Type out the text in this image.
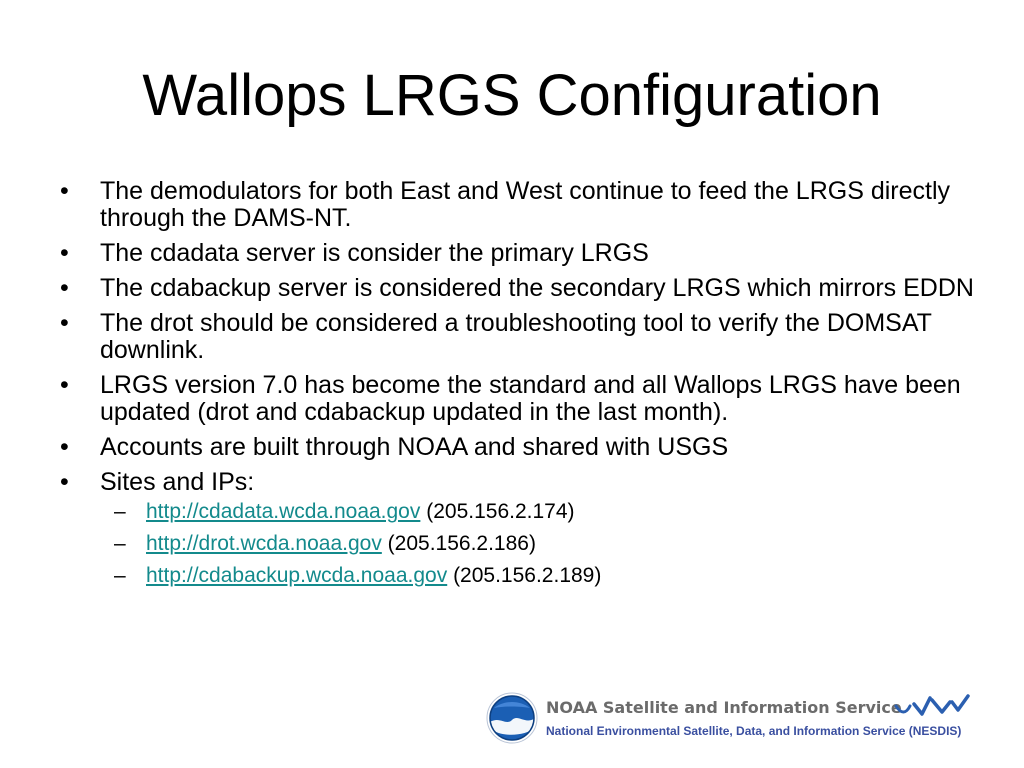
Wallops LRGS Configuration
• The demodulators for both East and West continue to feed the LRGS directly through the DAMS-NT.
• The cdadata server is consider the primary LRGS
• The cdabackup server is considered the secondary LRGS which mirrors EDDN
• The drot should be considered a troubleshooting tool to verify the DOMSAT downlink.
• LRGS version 7.0 has become the standard and all Wallops LRGS have been updated (drot and cdabackup updated in the last month).
• Accounts are built through NOAA and shared with USGS
• Sites and IPs:
– http://cdadata.wcda.noaa.gov (205.156.2.174)
– http://drot.wcda.noaa.gov (205.156.2.186)
– http://cdabackup.wcda.noaa.gov (205.156.2.189)
NOAA Satellite and Information Service
National Environmental Satellite, Data, and Information Service (NESDIS)
